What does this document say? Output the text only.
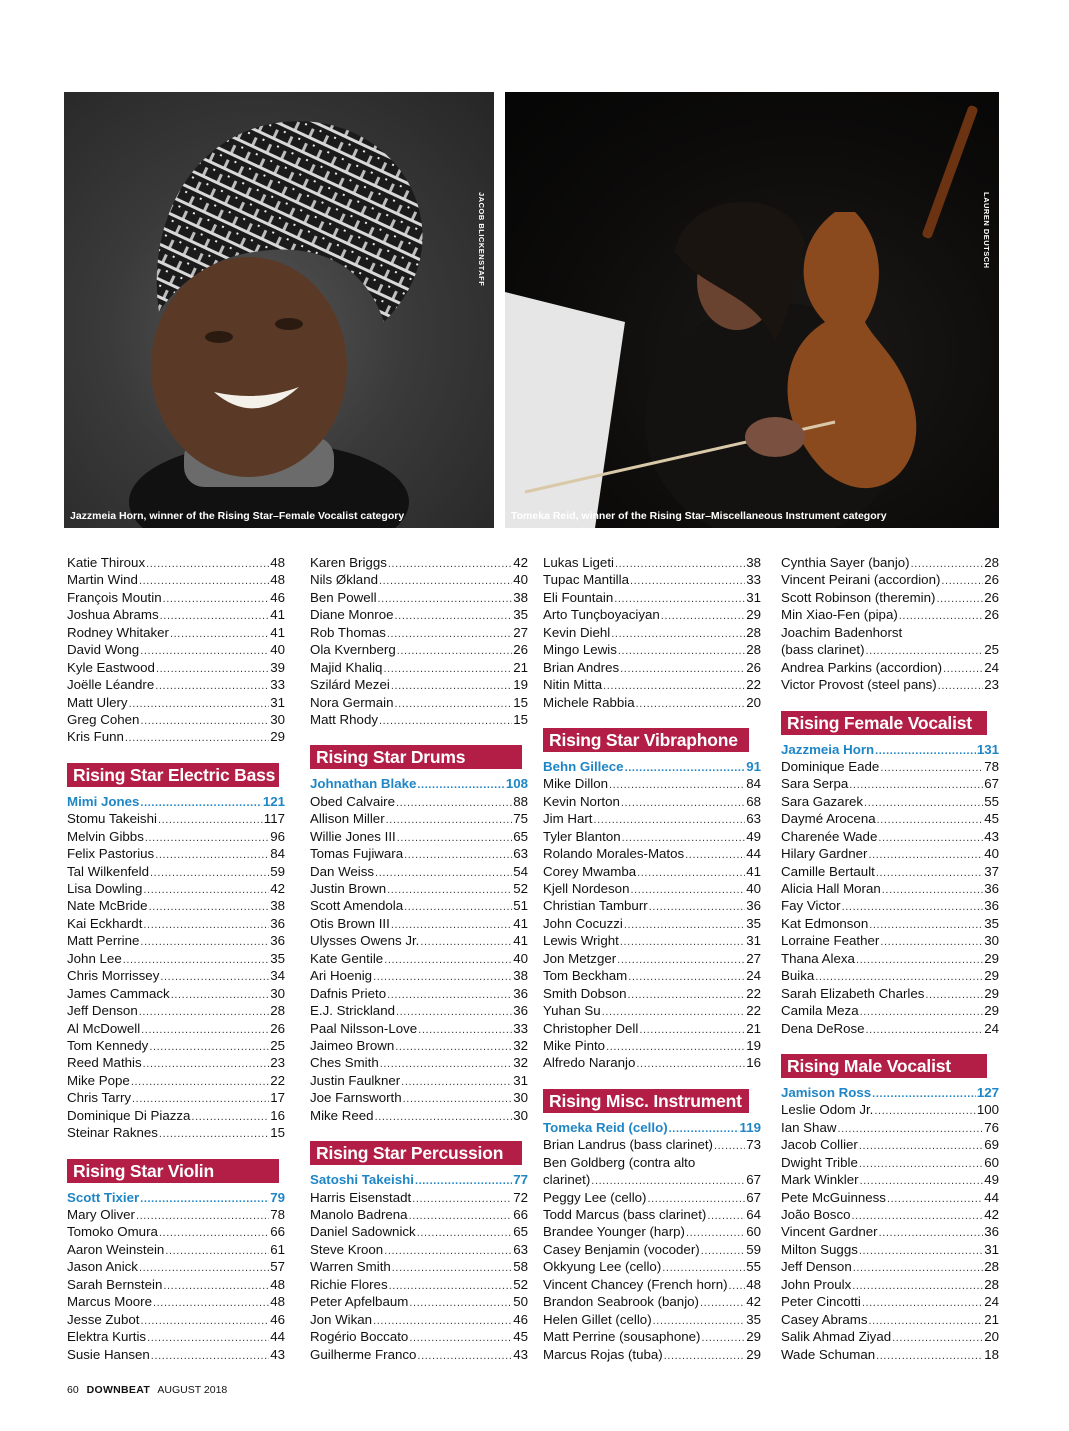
JACOB BLICKENSTAFF
Jazzmeia Horn, winner of the Rising Star–Female Vocalist category
LAUREN DEUTSCH
Tomeka Reid, winner of the Rising Star–Miscellaneous Instrument category
Katie Thiroux .....	48
Martin Wind .....	48
François Moutin .....	46
Joshua Abrams .....	41
Rodney Whitaker .....	41
David Wong .....	40
Kyle Eastwood .....	39
Joëlle Léandre .....	33
Matt Ulery .....	31
Greg Cohen .....	30
Kris Funn .....	29
Rising Star Electric Bass
Mimi Jones .....	121
Stomu Takeishi .....	117
Melvin Gibbs .....	96
Felix Pastorius .....	84
Tal Wilkenfeld .....	59
Lisa Dowling .....	42
Nate McBride .....	38
Kai Eckhardt .....	36
Matt Perrine .....	36
John Lee .....	35
Chris Morrissey .....	34
James Cammack .....	30
Jeff Denson .....	28
Al McDowell .....	26
Tom Kennedy .....	25
Reed Mathis .....	23
Mike Pope .....	22
Chris Tarry .....	17
Dominique Di Piazza .....	16
Steinar Raknes .....	15
Rising Star Violin
Scott Tixier .....	79
Mary Oliver .....	78
Tomoko Omura .....	66
Aaron Weinstein .....	61
Jason Anick .....	57
Sarah Bernstein .....	48
Marcus Moore .....	48
Jesse Zubot .....	46
Elektra Kurtis .....	44
Susie Hansen .....	43
Karen Briggs .....	42
Nils Økland .....	40
Ben Powell .....	38
Diane Monroe .....	35
Rob Thomas .....	27
Ola Kvernberg .....	26
Majid Khaliq .....	21
Szilárd Mezei .....	19
Nora Germain .....	15
Matt Rhody .....	15
Rising Star Drums
Johnathan Blake .....	108
Obed Calvaire .....	88
Allison Miller .....	75
Willie Jones III .....	65
Tomas Fujiwara .....	63
Dan Weiss .....	54
Justin Brown .....	52
Scott Amendola .....	51
Otis Brown III .....	41
Ulysses Owens Jr. .....	41
Kate Gentile .....	40
Ari Hoenig .....	38
Dafnis Prieto .....	36
E.J. Strickland .....	36
Paal Nilsson-Love .....	33
Jaimeo Brown .....	32
Ches Smith .....	32
Justin Faulkner .....	31
Joe Farnsworth .....	30
Mike Reed .....	30
Rising Star Percussion
Satoshi Takeishi .....	77
Harris Eisenstadt .....	72
Manolo Badrena .....	66
Daniel Sadownick .....	65
Steve Kroon .....	63
Warren Smith .....	58
Richie Flores .....	52
Peter Apfelbaum .....	50
Jon Wikan .....	46
Rogério Boccato .....	45
Guilherme Franco .....	43
Lukas Ligeti .....	38
Tupac Mantilla .....	33
Eli Fountain .....	31
Arto Tunçboyaciyan .....	29
Kevin Diehl .....	28
Mingo Lewis .....	28
Brian Andres .....	26
Nitin Mitta .....	22
Michele Rabbia .....	20
Rising Star Vibraphone
Behn Gillece .....	91
Mike Dillon .....	84
Kevin Norton .....	68
Jim Hart .....	63
Tyler Blanton .....	49
Rolando Morales-Matos .....	44
Corey Mwamba .....	41
Kjell Nordeson .....	40
Christian Tamburr .....	36
John Cocuzzi .....	35
Lewis Wright .....	31
Jon Metzger .....	27
Tom Beckham .....	24
Smith Dobson .....	22
Yuhan Su .....	22
Christopher Dell .....	21
Mike Pinto .....	19
Alfredo Naranjo .....	16
Rising Misc. Instrument
Tomeka Reid (cello) .....	119
Brian Landrus (bass clarinet) ..... 73
Ben Goldberg (contra alto
clarinet) .....	67
Peggy Lee (cello) .....	67
Todd Marcus (bass clarinet) .....	64
Brandee Younger (harp) .....	60
Casey Benjamin (vocoder) .....	59
Okkyung Lee (cello) .....	55
Vincent Chancey (French horn) ..... 48
Brandon Seabrook (banjo) .....	42
Helen Gillet (cello) .....	35
Matt Perrine (sousaphone) .....	29
Marcus Rojas (tuba) .....	29
Cynthia Sayer (banjo) .....	28
Vincent Peirani (accordion) .....	26
Scott Robinson (theremin) .....	26
Min Xiao-Fen (pipa) .....	26
Joachim Badenhorst
(bass clarinet) .....	25
Andrea Parkins (accordion) .....	24
Victor Provost (steel pans) .....	23
Rising Female Vocalist
Jazzmeia Horn .....	131
Dominique Eade .....	78
Sara Serpa .....	67
Sara Gazarek .....	55
Daymé Arocena .....	45
Charenée Wade .....	43
Hilary Gardner .....	40
Camille Bertault .....	37
Alicia Hall Moran .....	36
Fay Victor .....	36
Kat Edmonson .....	35
Lorraine Feather .....	30
Thana Alexa .....	29
Buika .....	29
Sarah Elizabeth Charles .....	29
Camila Meza .....	29
Dena DeRose .....	24
Rising Male Vocalist
Jamison Ross .....	127
Leslie Odom Jr. .....	100
Ian Shaw .....	76
Jacob Collier .....	69
Dwight Trible .....	60
Mark Winkler .....	49
Pete McGuinness .....	44
João Bosco .....	42
Vincent Gardner .....	36
Milton Suggs .....	31
Jeff Denson .....	28
John Proulx .....	28
Peter Cincotti .....	24
Casey Abrams .....	21
Salik Ahmad Ziyad .....	20
Wade Schuman .....	18
60 DOWNBEAT AUGUST 2018
